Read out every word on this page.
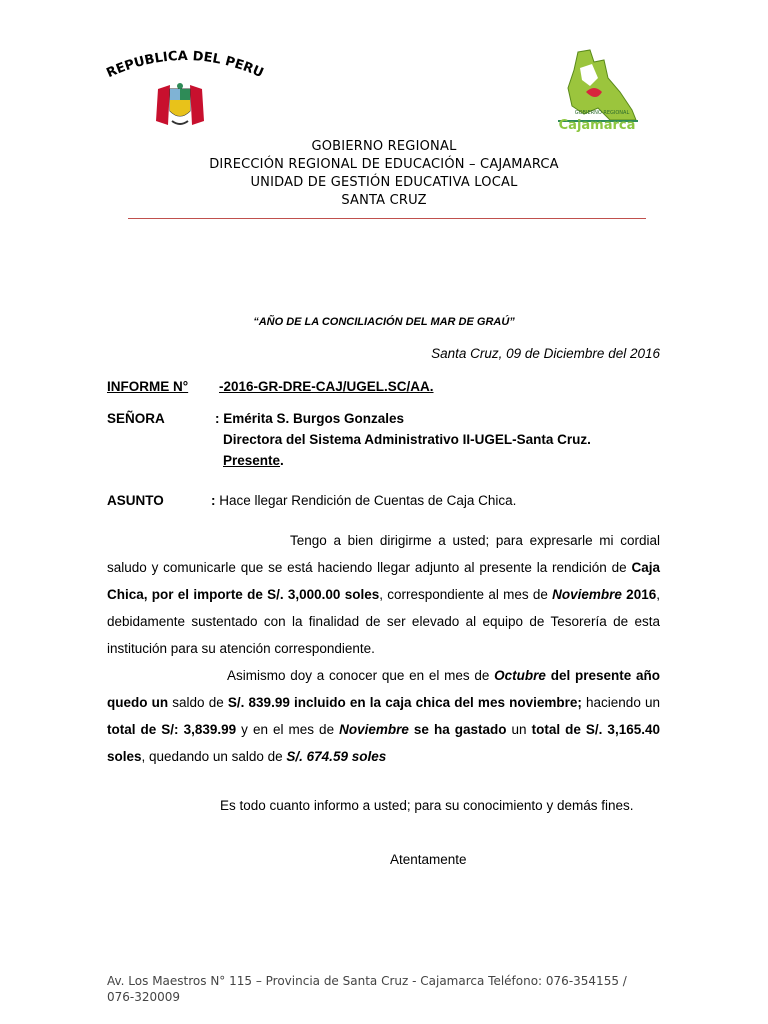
REPUBLICA DEL PERU
GOBIERNO REGIONAL
Cajamarca
GOBIERNO REGIONAL
DIRECCIÓN REGIONAL DE EDUCACIÓN – CAJAMARCA
UNIDAD DE GESTIÓN EDUCATIVA LOCAL
SANTA CRUZ
“AÑO DE LA CONCILIACIÓN DEL MAR DE GRAÚ”
Santa Cruz, 09 de Diciembre del 2016
INFORME N° -2016-GR-DRE-CAJ/UGEL.SC/AA.
SEÑORA	: Emérita S. Burgos Gonzales
Directora del Sistema Administrativo II-UGEL-Santa Cruz.
Presente.
ASUNTO	: Hace llegar Rendición de Cuentas de Caja Chica.
Tengo a bien dirigirme a usted; para expresarle mi cordial saludo y comunicarle que se está haciendo llegar adjunto al presente la rendición de Caja Chica, por el importe de S/. 3,000.00 soles, correspondiente al mes de Noviembre 2016, debidamente sustentado con la finalidad de ser elevado al equipo de Tesorería de esta institución para su atención correspondiente.
Asimismo doy a conocer que en el mes de Octubre del presente año quedo un saldo de S/. 839.99 incluido en la caja chica del mes noviembre; haciendo un total de S/: 3,839.99 y en el mes de Noviembre se ha gastado un total de S/. 3,165.40 soles, quedando un saldo de S/. 674.59 soles
Es todo cuanto informo a usted; para su conocimiento y demás fines.
Atentamente
Av. Los Maestros N° 115 – Provincia de Santa Cruz - Cajamarca Teléfono: 076-354155 / 076-320009
